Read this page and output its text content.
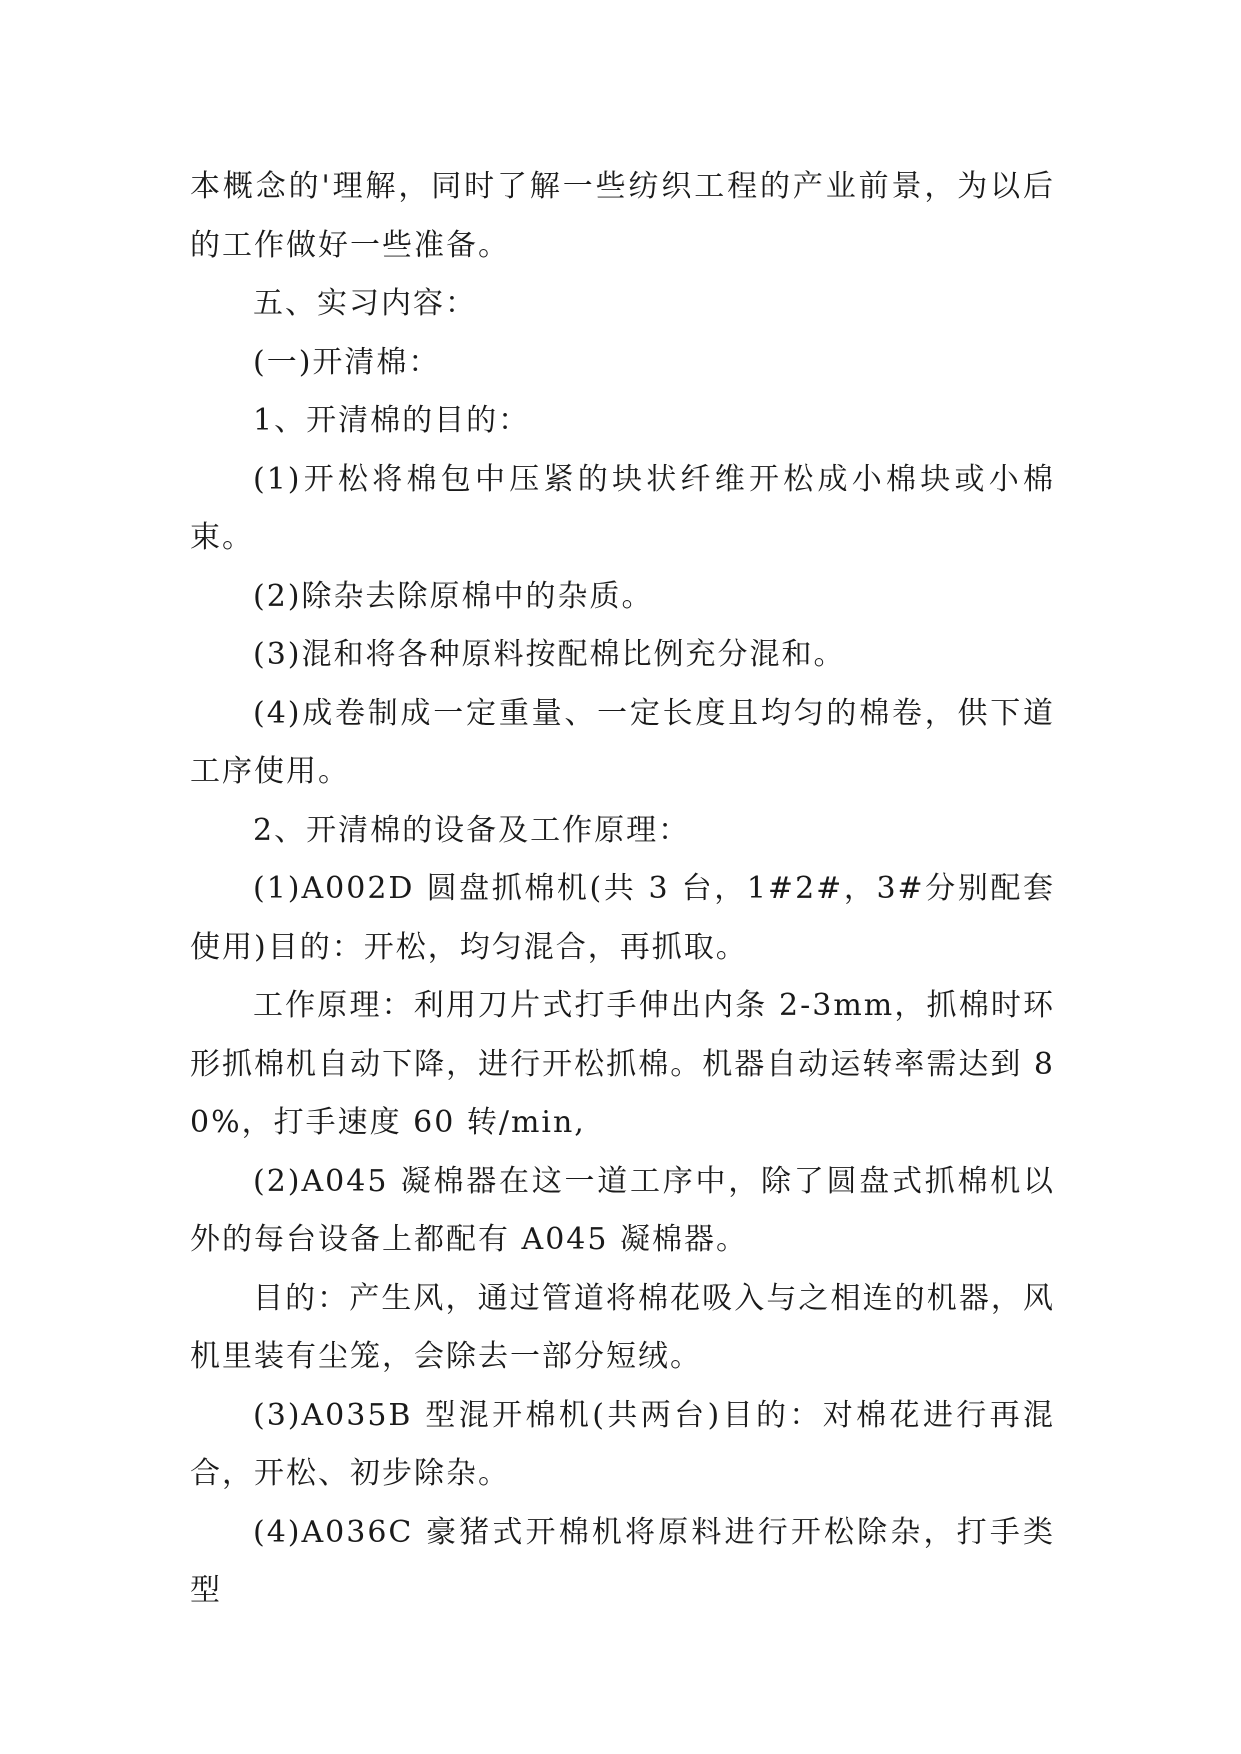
本概念的'理解，同时了解一些纺织工程的产业前景，为以后的工作做好一些准备。

五、实习内容：

(一)开清棉：

1、开清棉的目的：

(1)开松将棉包中压紧的块状纤维开松成小棉块或小棉束。

(2)除杂去除原棉中的杂质。

(3)混和将各种原料按配棉比例充分混和。

(4)成卷制成一定重量、一定长度且均匀的棉卷，供下道工序使用。

2、开清棉的设备及工作原理：

(1)A002D 圆盘抓棉机(共 3 台，1#2#，3#分别配套使用)目的：开松，均匀混合，再抓取。

工作原理：利用刀片式打手伸出内条 2-3mm，抓棉时环形抓棉机自动下降，进行开松抓棉。机器自动运转率需达到 80%，打手速度 60 转/min,

(2)A045 凝棉器在这一道工序中，除了圆盘式抓棉机以外的每台设备上都配有 A045 凝棉器。

目的：产生风，通过管道将棉花吸入与之相连的机器，风机里装有尘笼，会除去一部分短绒。

(3)A035B 型混开棉机(共两台)目的：对棉花进行再混合，开松、初步除杂。

(4)A036C 豪猪式开棉机将原料进行开松除杂，打手类型
